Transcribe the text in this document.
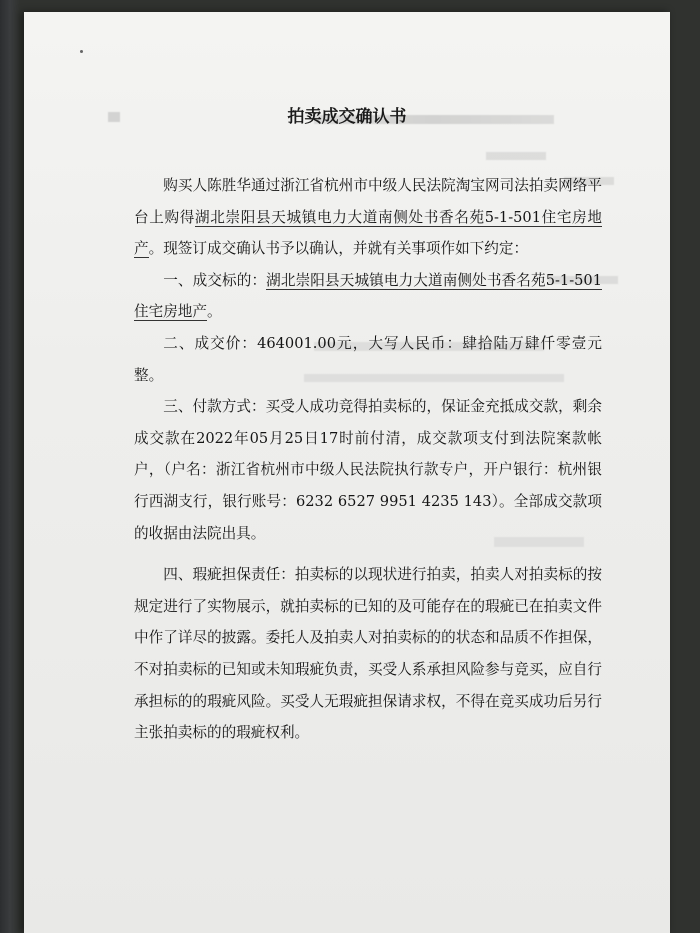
拍卖成交确认书

购买人陈胜华通过浙江省杭州市中级人民法院淘宝网司法拍卖网络平台上购得湖北崇阳县天城镇电力大道南侧处书香名苑5-1-501住宅房地产。现签订成交确认书予以确认，并就有关事项作如下约定：

一、成交标的：湖北崇阳县天城镇电力大道南侧处书香名苑5-1-501住宅房地产。

二、成交价：464001.00元，大写人民币：肆拾陆万肆仟零壹元整。

三、付款方式：买受人成功竞得拍卖标的，保证金充抵成交款，剩余成交款在2022年05月25日17时前付清，成交款项支付到法院案款帐户，（户名：浙江省杭州市中级人民法院执行款专户，开户银行：杭州银行西湖支行，银行账号：6232 6527 9951 4235 143）。全部成交款项的收据由法院出具。

四、瑕疵担保责任：拍卖标的以现状进行拍卖，拍卖人对拍卖标的按规定进行了实物展示，就拍卖标的已知的及可能存在的瑕疵已在拍卖文件中作了详尽的披露。委托人及拍卖人对拍卖标的的状态和品质不作担保，不对拍卖标的已知或未知瑕疵负责，买受人系承担风险参与竞买，应自行承担标的的瑕疵风险。买受人无瑕疵担保请求权，不得在竞买成功后另行主张拍卖标的的瑕疵权利。
